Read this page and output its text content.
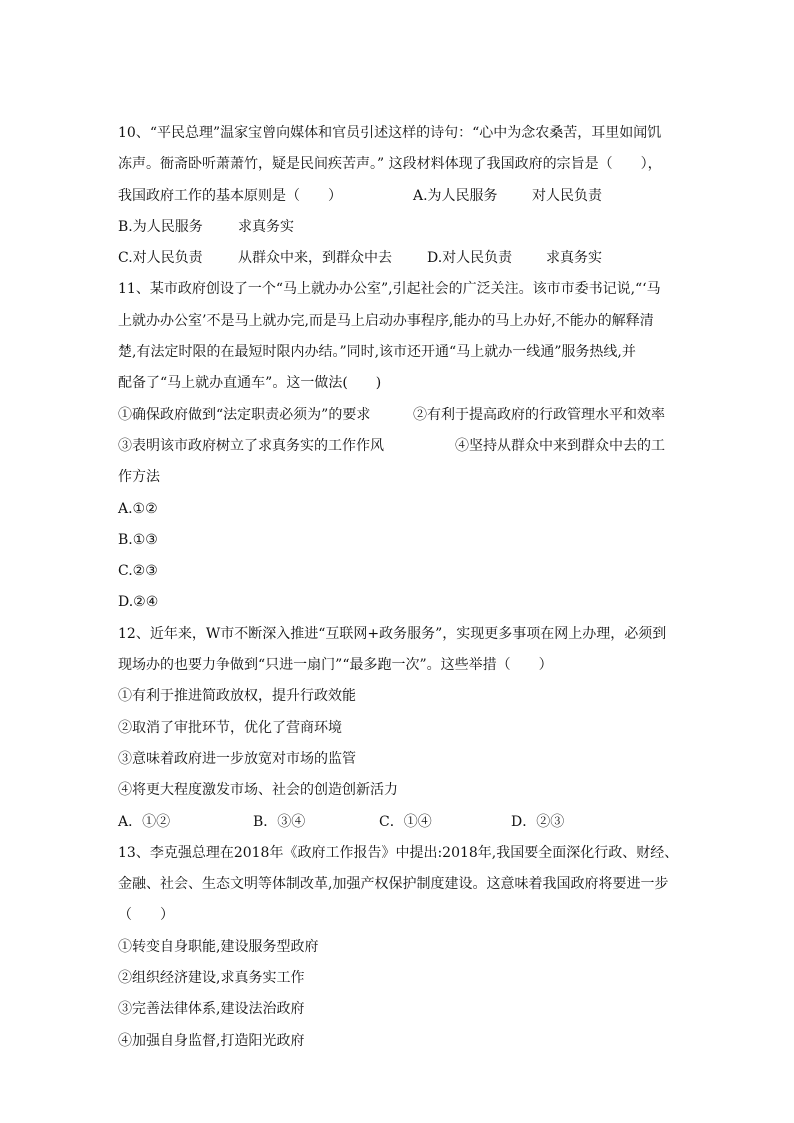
10、“平民总理”温家宝曾向媒体和官员引述这样的诗句：“心中为念农桑苦，耳里如闻饥
冻声。衙斋卧听萧萧竹，疑是民间疾苦声。” 这段材料体现了我国政府的宗旨是（　　），
我国政府工作的基本原则是（　　）	A.为人民服务 对人民负责
B.为人民服务	求真务实
C.对人民负责	从群众中来，到群众中去	D.对人民负责 求真务实
11、某市政府创设了一个“马上就办办公室”,引起社会的广泛关注。该市市委书记说,“‘马
上就办办公室’不是马上就办完,而是马上启动办事程序,能办的马上办好,不能办的解释清
楚,有法定时限的在最短时限内办结。”同时,该市还开通“马上就办一线通”服务热线,并
配备了“马上就办直通车”。这一做法(　　)
①确保政府做到“法定职责必须为”的要求	②有利于提高政府的行政管理水平和效率
③表明该市政府树立了求真务实的工作作风	④坚持从群众中来到群众中去的工
作方法
A.①②
B.①③
C.②③
D.②④
12、近年来，W市不断深入推进“互联网+政务服务”，实现更多事项在网上办理，必须到
现场办的也要力争做到“只进一扇门”“最多跑一次”。这些举措（　　）
①有利于推进简政放权，提升行政效能
②取消了审批环节，优化了营商环境
③意味着政府进一步放宽对市场的监管
④将更大程度激发市场、社会的创造创新活力
A．①②	B．③④	C．①④	D．②③
13、李克强总理在2018年《政府工作报告》中提出:2018年,我国要全面深化行政、财经、
金融、社会、生态文明等体制改革,加强产权保护制度建设。这意味着我国政府将要进一步
（　　）
①转变自身职能,建设服务型政府
②组织经济建设,求真务实工作
③完善法律体系,建设法治政府
④加强自身监督,打造阳光政府
